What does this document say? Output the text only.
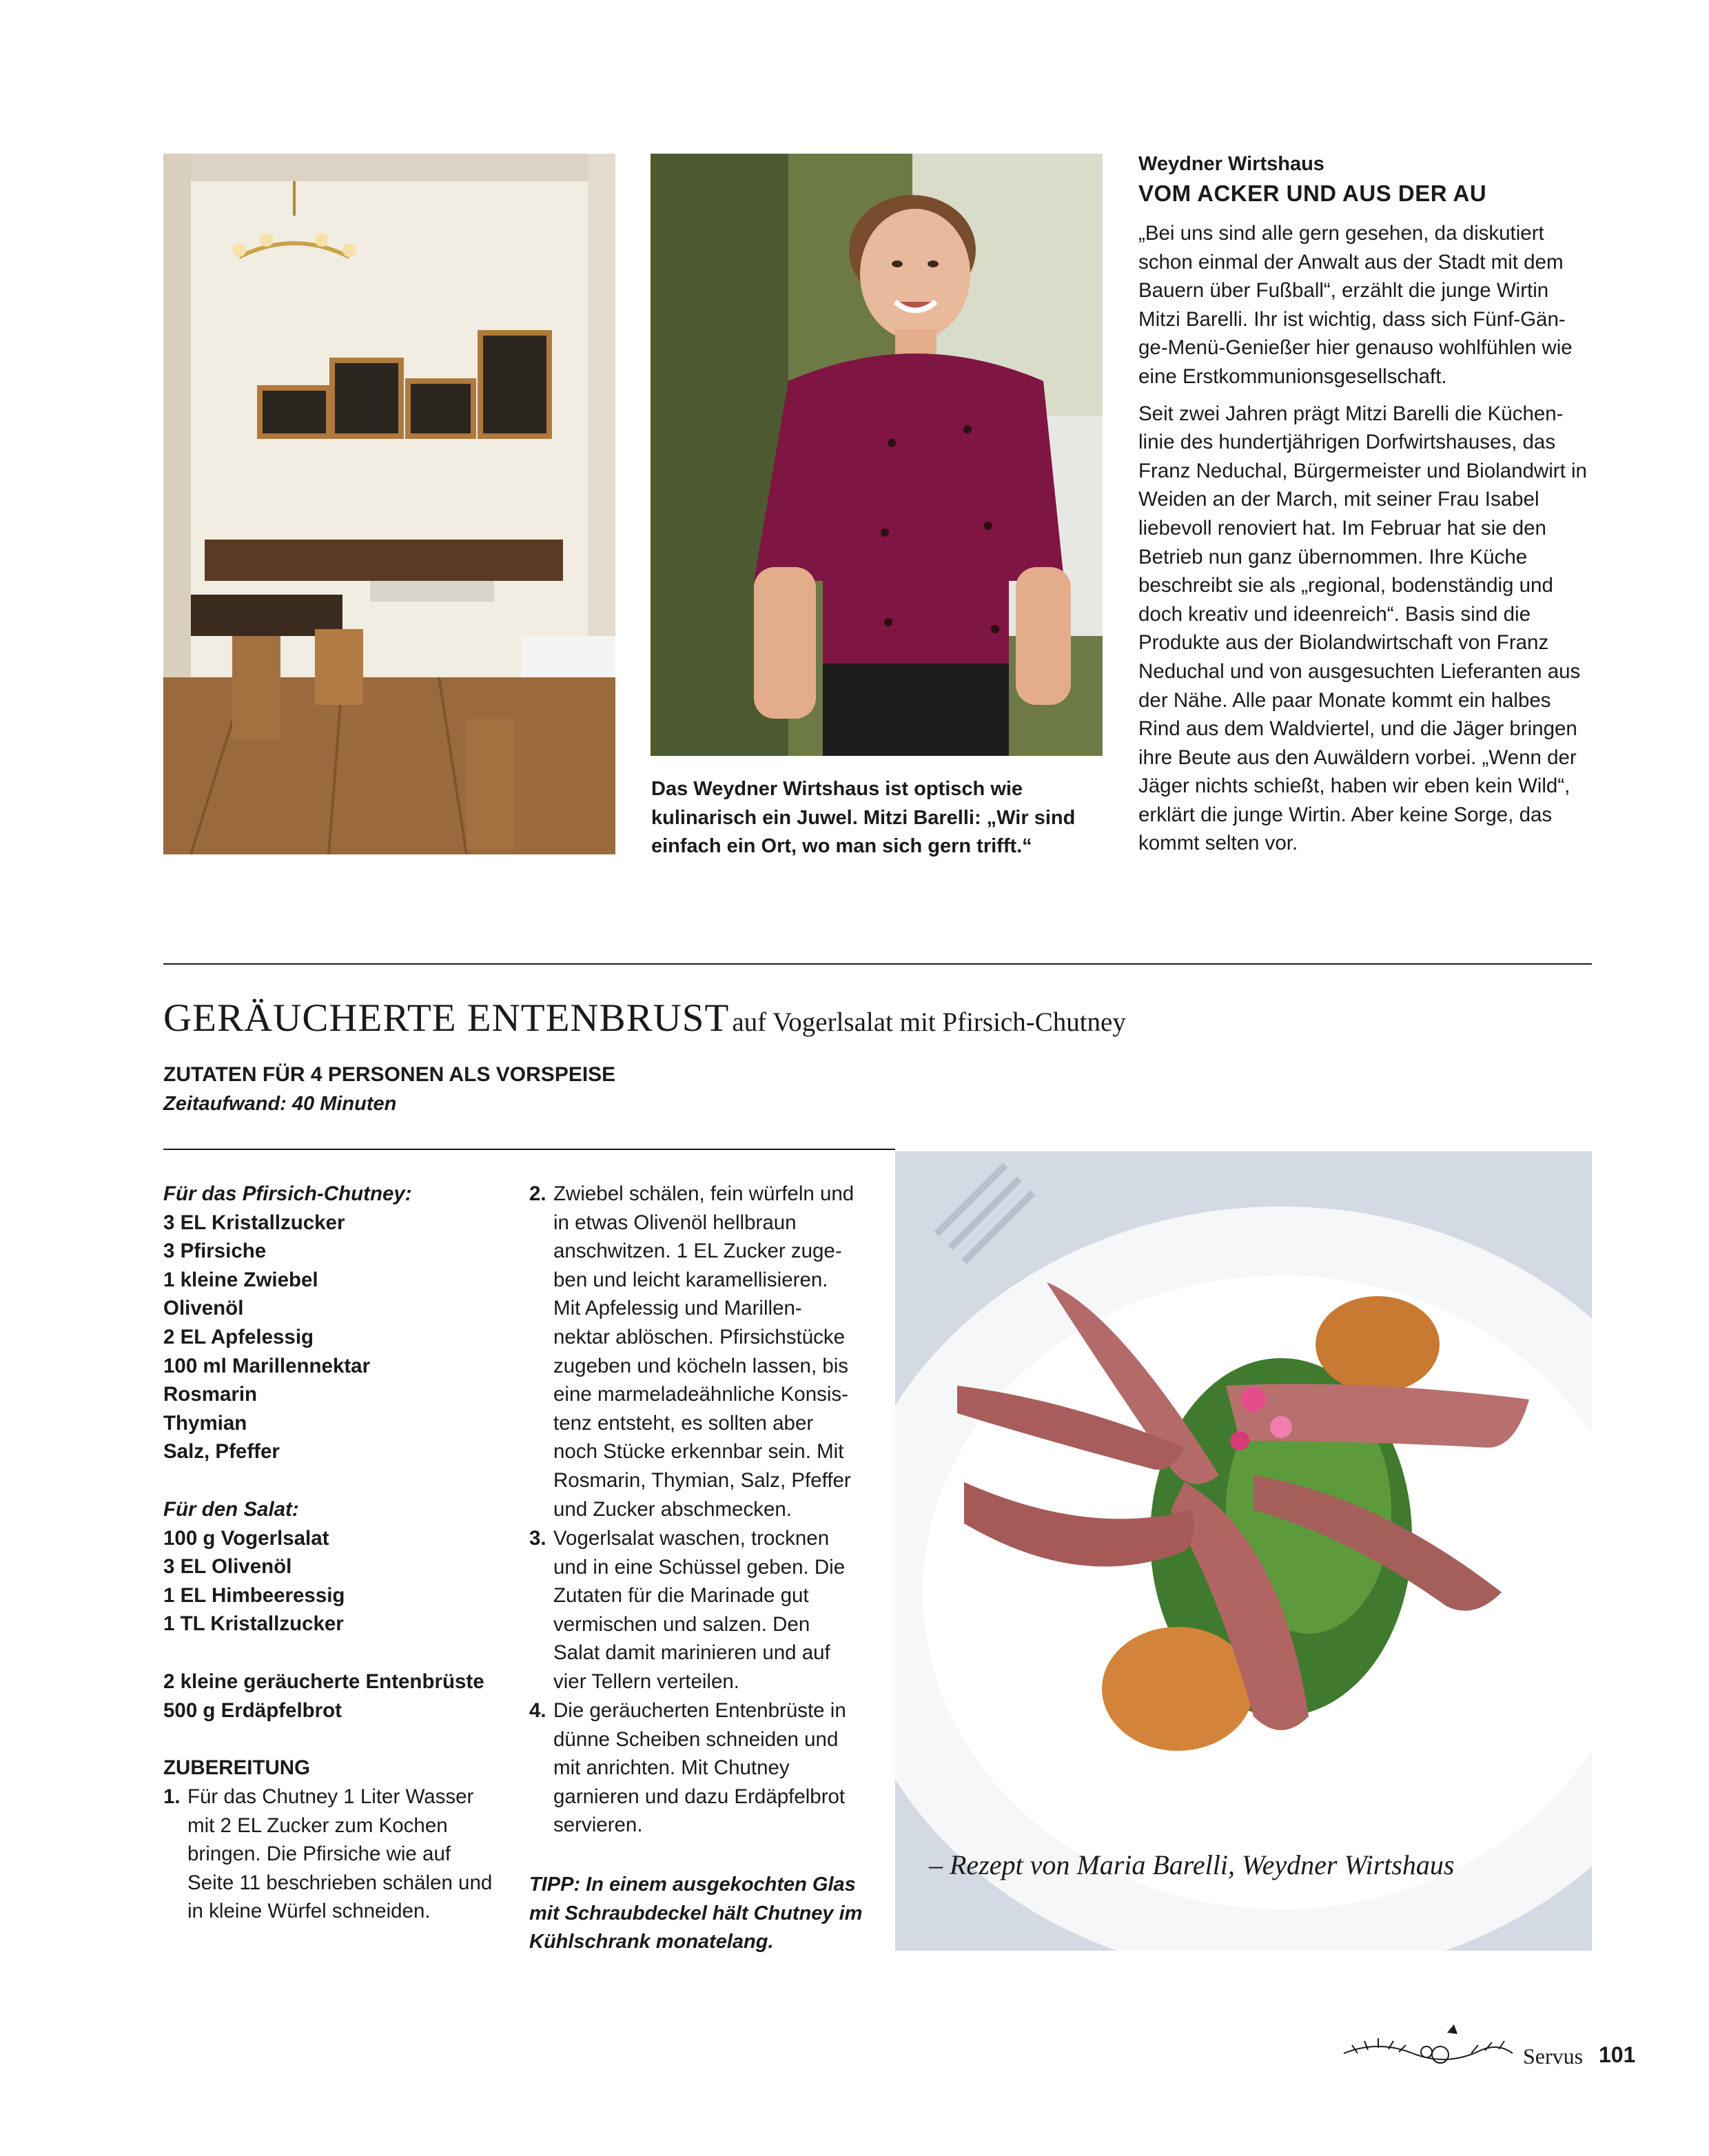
Weydner Wirtshaus
VOM ACKER UND AUS DER AU

„Bei uns sind alle gern gesehen, da diskutiert schon einmal der Anwalt aus der Stadt mit dem Bauern über Fußball“, erzählt die junge Wirtin Mitzi Barelli. Ihr ist wichtig, dass sich Fünf-Gän-ge-Menü-Genießer hier genauso wohlfühlen wie eine Erstkommunionsgesellschaft.

Seit zwei Jahren prägt Mitzi Barelli die Küchen-linie des hundertjährigen Dorfwirtshauses, das Franz Neduchal, Bürgermeister und Biolandwirt in Weiden an der March, mit seiner Frau Isabel liebevoll renoviert hat. Im Februar hat sie den Betrieb nun ganz übernommen. Ihre Küche beschreibt sie als „regional, bodenständig und doch kreativ und ideenreich“. Basis sind die Produkte aus der Biolandwirtschaft von Franz Neduchal und von ausgesuchten Lieferanten aus der Nähe. Alle paar Monate kommt ein halbes Rind aus dem Waldviertel, und die Jäger bringen ihre Beute aus den Auwäldern vorbei. „Wenn der Jäger nichts schießt, haben wir eben kein Wild“, erklärt die junge Wirtin. Aber keine Sorge, das kommt selten vor.

Das Weydner Wirtshaus ist optisch wie kulinarisch ein Juwel. Mitzi Barelli: „Wir sind einfach ein Ort, wo man sich gern trifft.“
GERÄUCHERTE ENTENBRUST auf Vogerlsalat mit Pfirsich-Chutney
ZUTATEN FÜR 4 PERSONEN ALS VORSPEISE
Zeitaufwand: 40 Minuten
Für das Pfirsich-Chutney:
3 EL Kristallzucker
3 Pfirsiche
1 kleine Zwiebel
Olivenöl
2 EL Apfelessig
100 ml Marillennektar
Rosmarin
Thymian
Salz, Pfeffer
Für den Salat:
100 g Vogerlsalat
3 EL Olivenöl
1 EL Himbeeressig
1 TL Kristallzucker
2 kleine geräucherte Entenbrüste
500 g Erdäpfelbrot
ZUBEREITUNG
1. Für das Chutney 1 Liter Wasser mit 2 EL Zucker zum Kochen bringen. Die Pfirsiche wie auf Seite 11 beschrieben schälen und in kleine Würfel schneiden.
2. Zwiebel schälen, fein würfeln und in etwas Olivenöl hellbraun anschwitzen. 1 EL Zucker zuge-ben und leicht karamellisieren. Mit Apfelessig und Marillen-nektar ablöschen. Pfirsichstücke zugeben und köcheln lassen, bis eine marmeladeähnliche Konsis-tenz entsteht, es sollten aber noch Stücke erkennbar sein. Mit Rosmarin, Thymian, Salz, Pfeffer und Zucker abschmecken.
3. Vogerlsalat waschen, trocknen und in eine Schüssel geben. Die Zutaten für die Marinade gut vermischen und salzen. Den Salat damit marinieren und auf vier Tellern verteilen.
4. Die geräucherten Entenbrüste in dünne Scheiben schneiden und mit anrichten. Mit Chutney garnieren und dazu Erdäpfelbrot servieren.
TIPP: In einem ausgekochten Glas mit Schraubdeckel hält Chutney im Kühlschrank monatelang.
– Rezept von Maria Barelli, Weydner Wirtshaus
Servus 101
